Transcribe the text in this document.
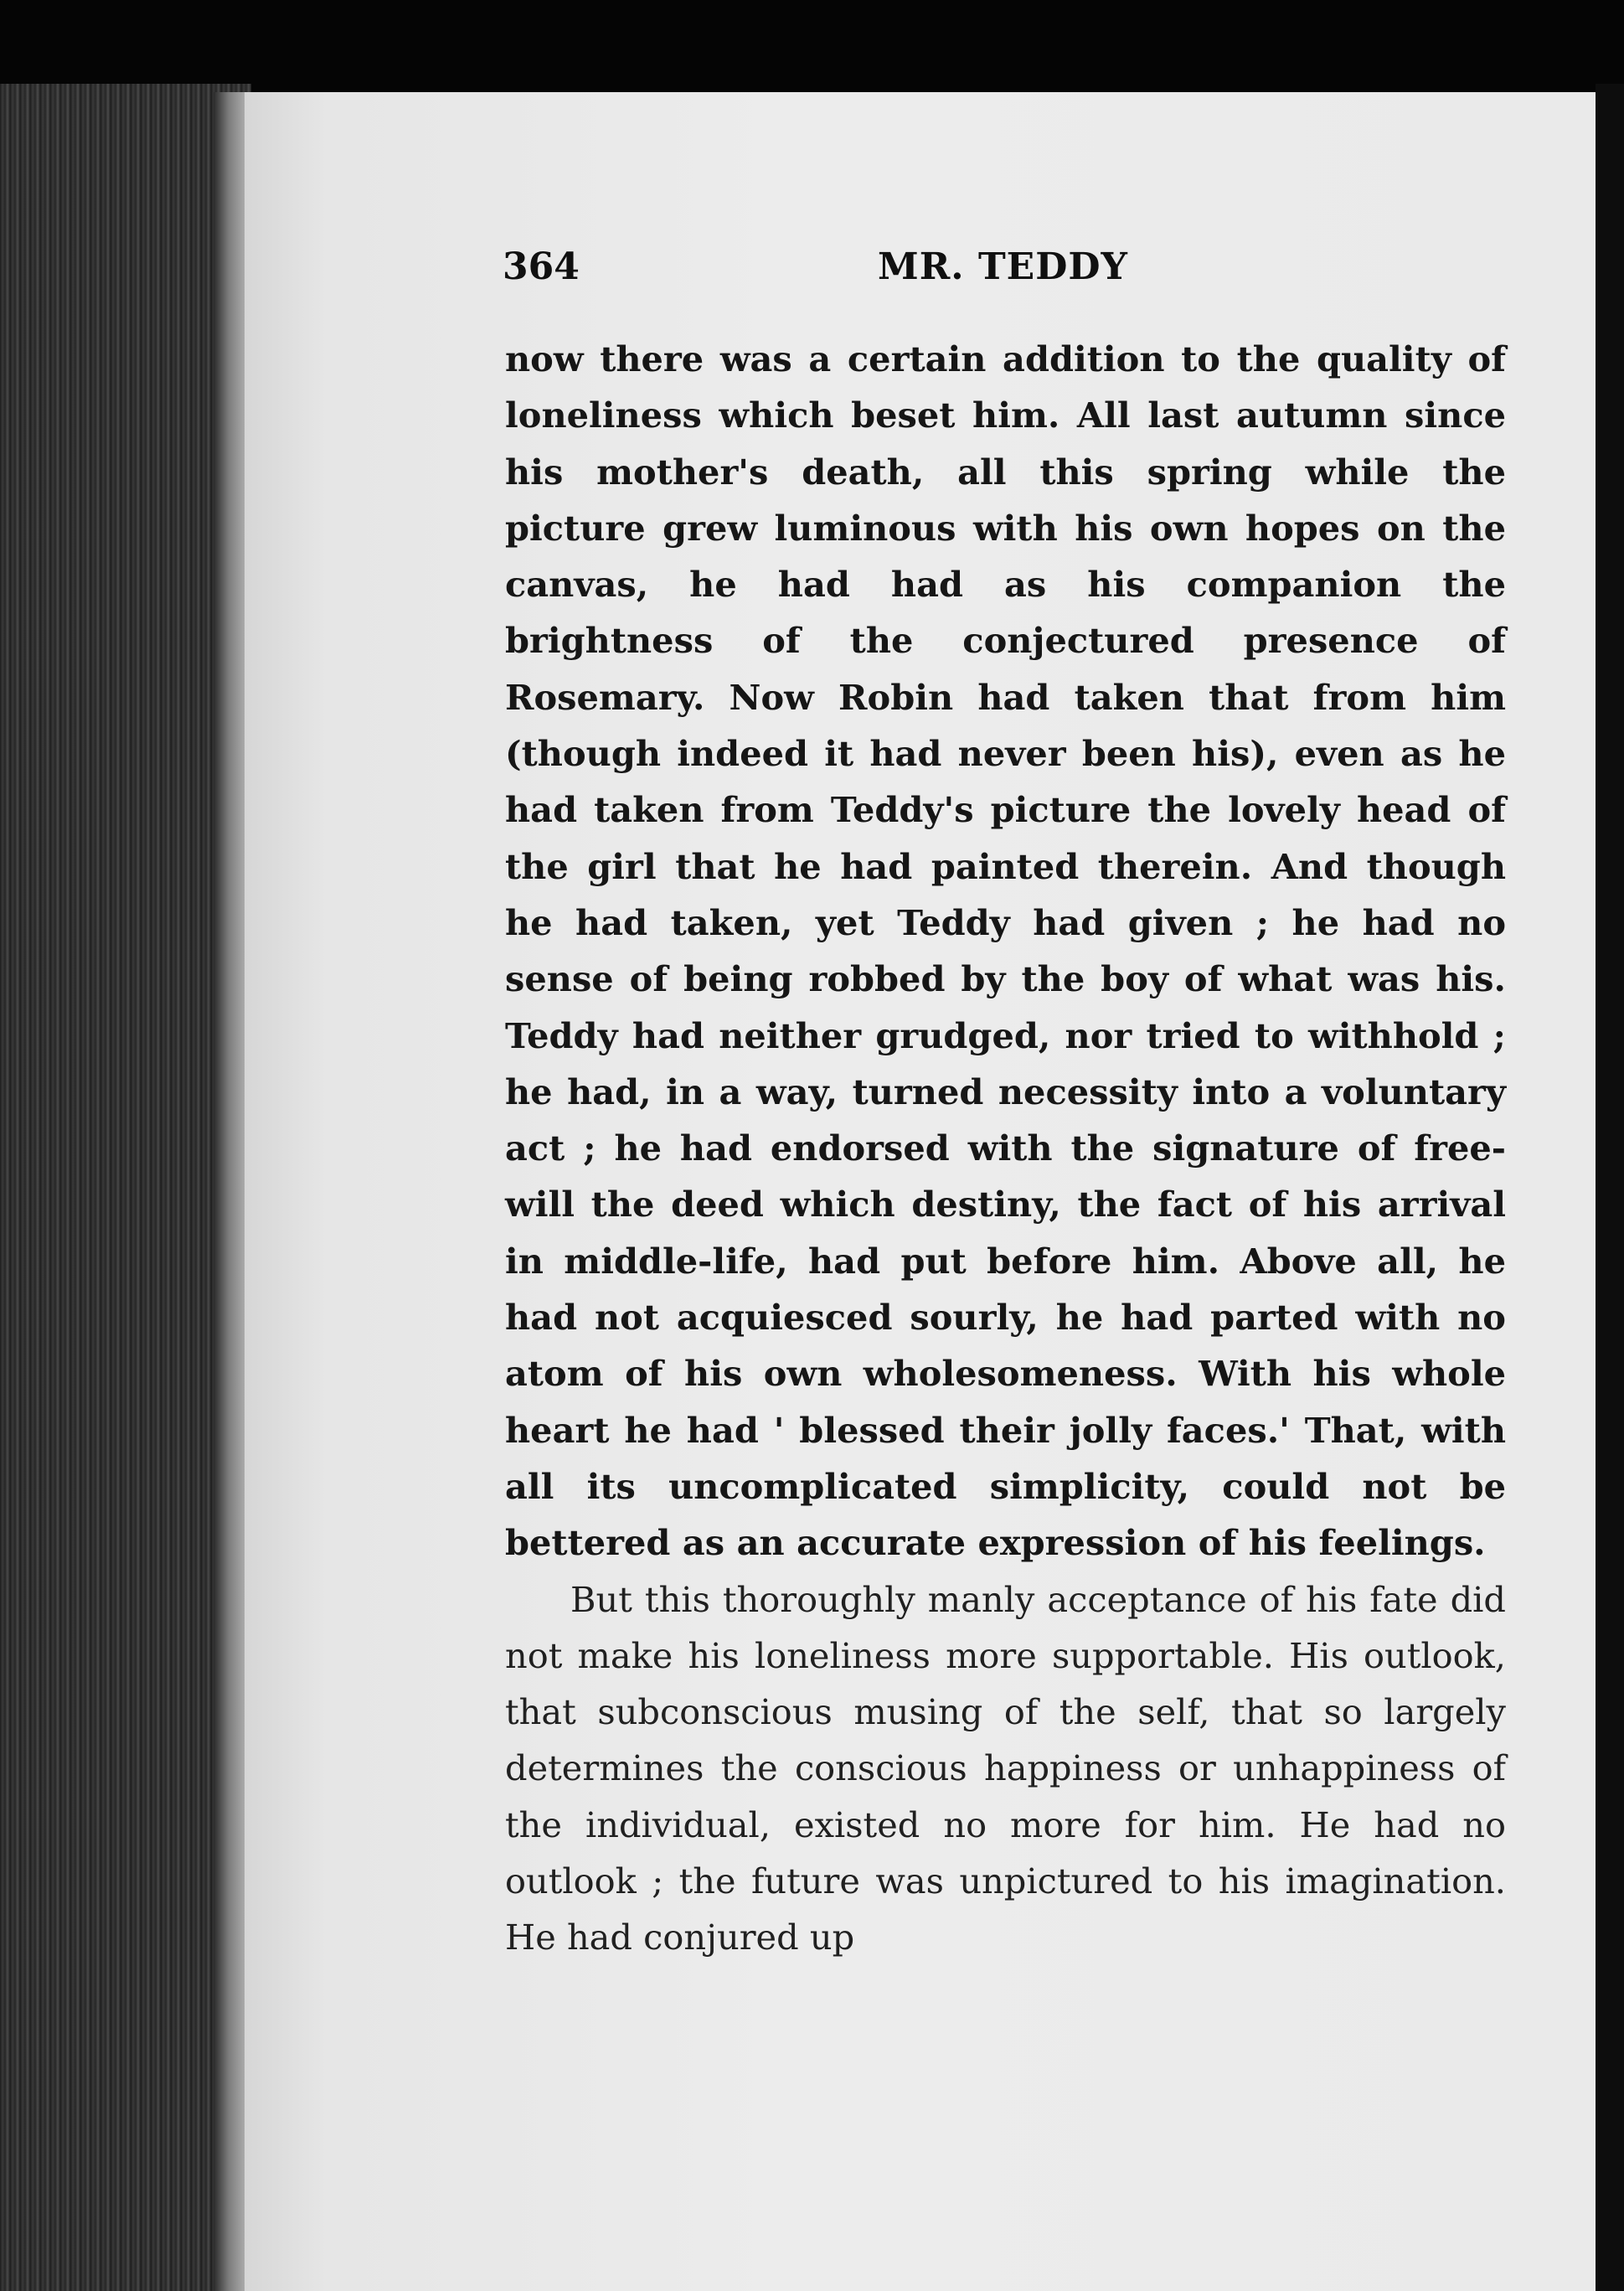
364	MR. TEDDY

now there was a certain addition to the quality of loneliness which beset him. All last autumn since his mother's death, all this spring while the picture grew luminous with his own hopes on the canvas, he had had as his companion the brightness of the conjectured presence of Rosemary. Now Robin had taken that from him (though indeed it had never been his), even as he had taken from Teddy's picture the lovely head of the girl that he had painted therein. And though he had taken, yet Teddy had given ; he had no sense of being robbed by the boy of what was his. Teddy had neither grudged, nor tried to withhold ; he had, in a way, turned necessity into a voluntary act ; he had endorsed with the signature of free-will the deed which destiny, the fact of his arrival in middle-life, had put before him. Above all, he had not acquiesced sourly, he had parted with no atom of his own wholesomeness. With his whole heart he had ' blessed their jolly faces.' That, with all its uncomplicated simplicity, could not be bettered as an accurate expression of his feelings.

But this thoroughly manly acceptance of his fate did not make his loneliness more supportable. His outlook, that subconscious musing of the self, that so largely determines the conscious happiness or unhappiness of the individual, existed no more for him. He had no outlook ; the future was unpictured to his imagination. He had conjured up
